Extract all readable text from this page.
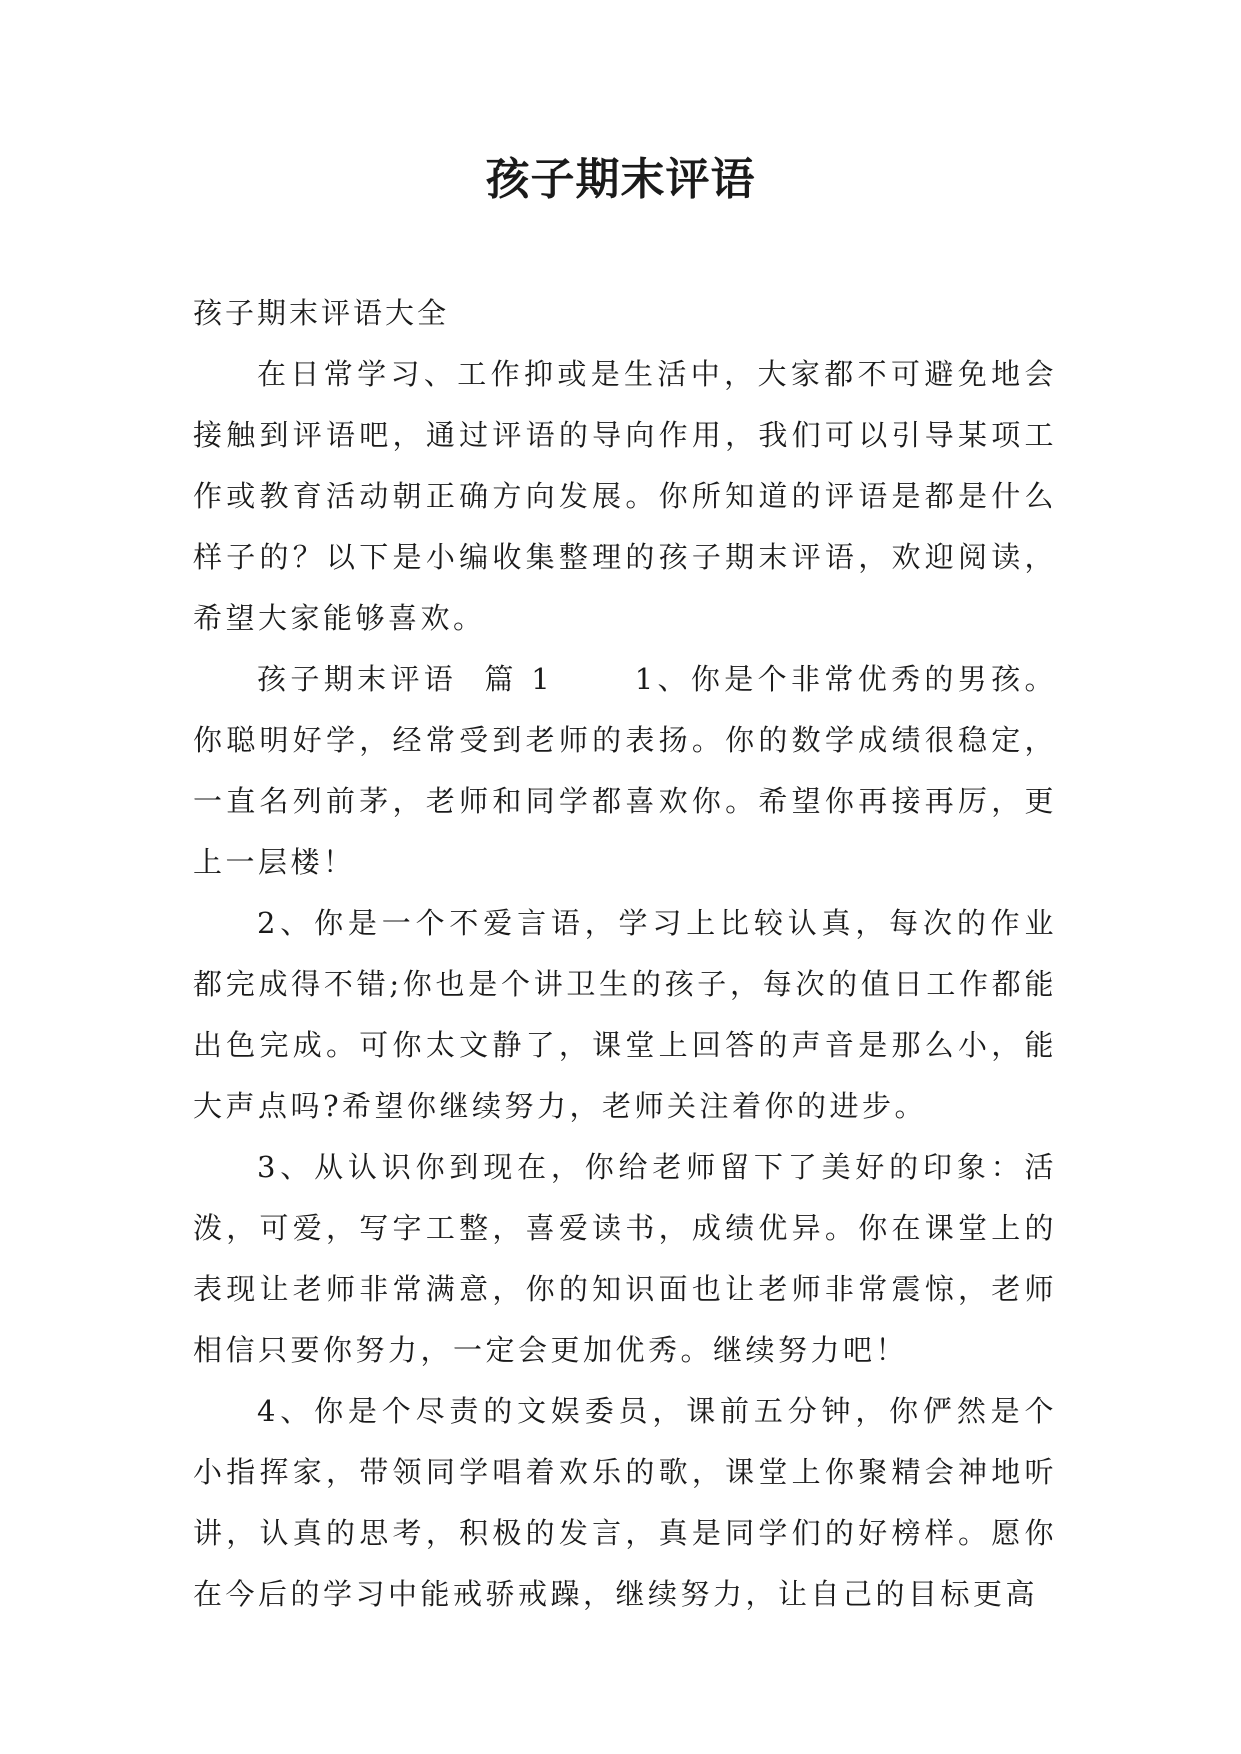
孩子期末评语

孩子期末评语大全

在日常学习、工作抑或是生活中，大家都不可避免地会接触到评语吧，通过评语的导向作用，我们可以引导某项工作或教育活动朝正确方向发展。你所知道的评语是都是什么样子的？以下是小编收集整理的孩子期末评语，欢迎阅读，希望大家能够喜欢。

孩子期末评语  篇 1	1、你是个非常优秀的男孩。你聪明好学，经常受到老师的表扬。你的数学成绩很稳定，一直名列前茅，老师和同学都喜欢你。希望你再接再厉，更上一层楼！

2、你是一个不爱言语，学习上比较认真，每次的作业都完成得不错;你也是个讲卫生的孩子，每次的值日工作都能出色完成。可你太文静了，课堂上回答的声音是那么小，能大声点吗?希望你继续努力，老师关注着你的进步。

3、从认识你到现在，你给老师留下了美好的印象：活泼，可爱，写字工整，喜爱读书，成绩优异。你在课堂上的表现让老师非常满意，你的知识面也让老师非常震惊，老师相信只要你努力，一定会更加优秀。继续努力吧！

4、你是个尽责的文娱委员，课前五分钟，你俨然是个小指挥家，带领同学唱着欢乐的歌，课堂上你聚精会神地听讲，认真的思考，积极的发言，真是同学们的好榜样。愿你在今后的学习中能戒骄戒躁，继续努力，让自己的目标更高
